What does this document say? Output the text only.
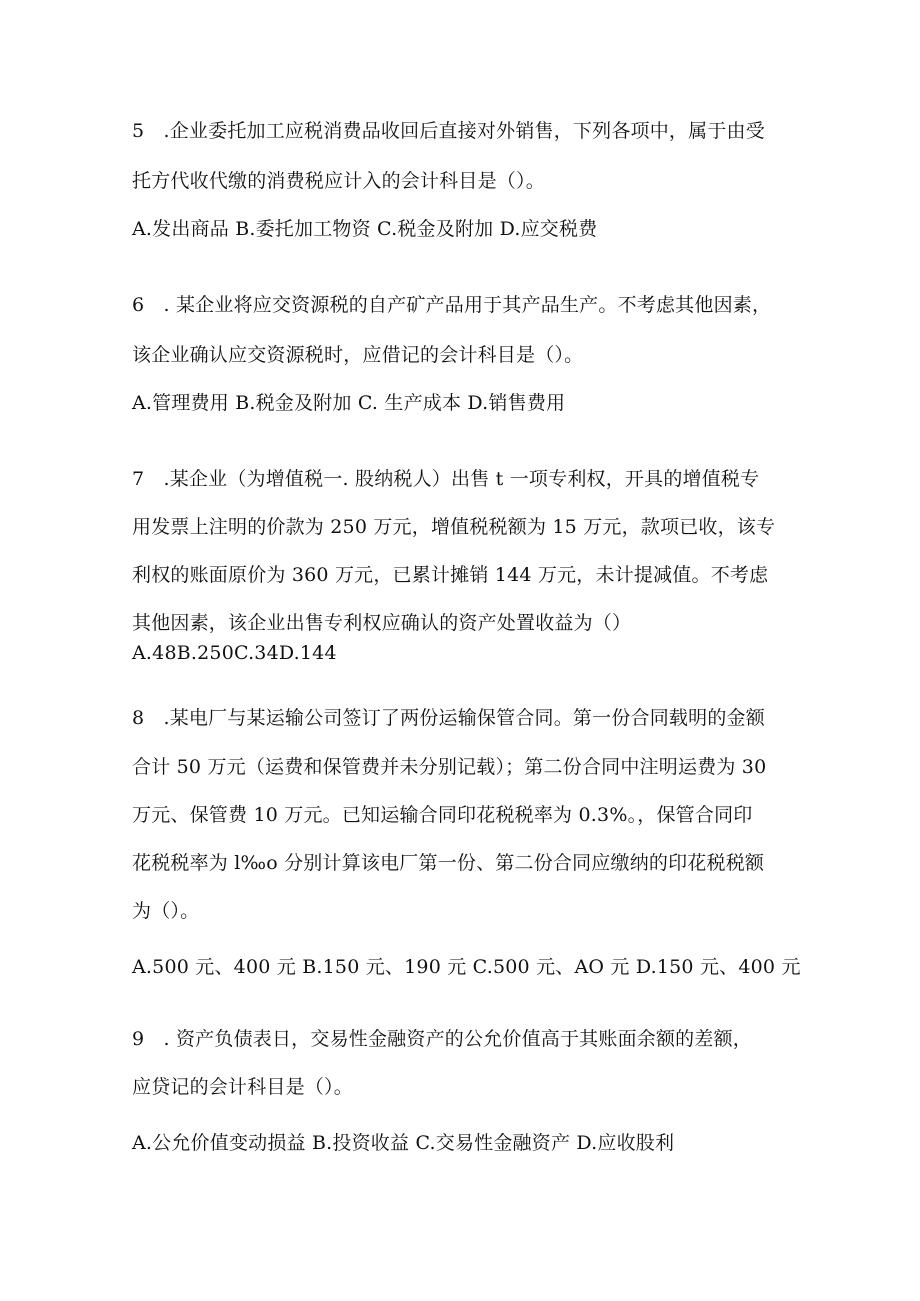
5　.企业委托加工应税消费品收回后直接对外销售，下列各项中，属于由受
托方代收代缴的消费税应计入的会计科目是（）。
A.发出商品 B.委托加工物资 C.税金及附加 D.应交税费
6　. 某企业将应交资源税的自产矿产品用于其产品生产。不考虑其他因素，
该企业确认应交资源税时，应借记的会计科目是（）。
A.管理费用 B.税金及附加 C. 生产成本 D.销售费用
7　.某企业（为增值税一. 股纳税人）出售 t 一项专利权，开具的增值税专
用发票上注明的价款为 250 万元，增值税税额为 15 万元，款项已收，该专
利权的账面原价为 360 万元，已累计摊销 144 万元，未计提减值。不考虑
其他因素，该企业出售专利权应确认的资产处置收益为（）
A.48B.250C.34D.144
8　.某电厂与某运输公司签订了两份运输保管合同。第一份合同载明的金额
合计 50 万元（运费和保管费并未分别记载）；第二份合同中注明运费为 30
万元、保管费 10 万元。已知运输合同印花税税率为 0.3%。，保管合同印
花税税率为 l‰o 分别计算该电厂第一份、第二份合同应缴纳的印花税税额
为（）。
A.500 元、400 元 B.150 元、190 元 C.500 元、AO 元 D.150 元、400 元
9　. 资产负债表日，交易性金融资产的公允价值高于其账面余额的差额，
应贷记的会计科目是（）。
A.公允价值变动损益 B.投资收益 C.交易性金融资产 D.应收股利
